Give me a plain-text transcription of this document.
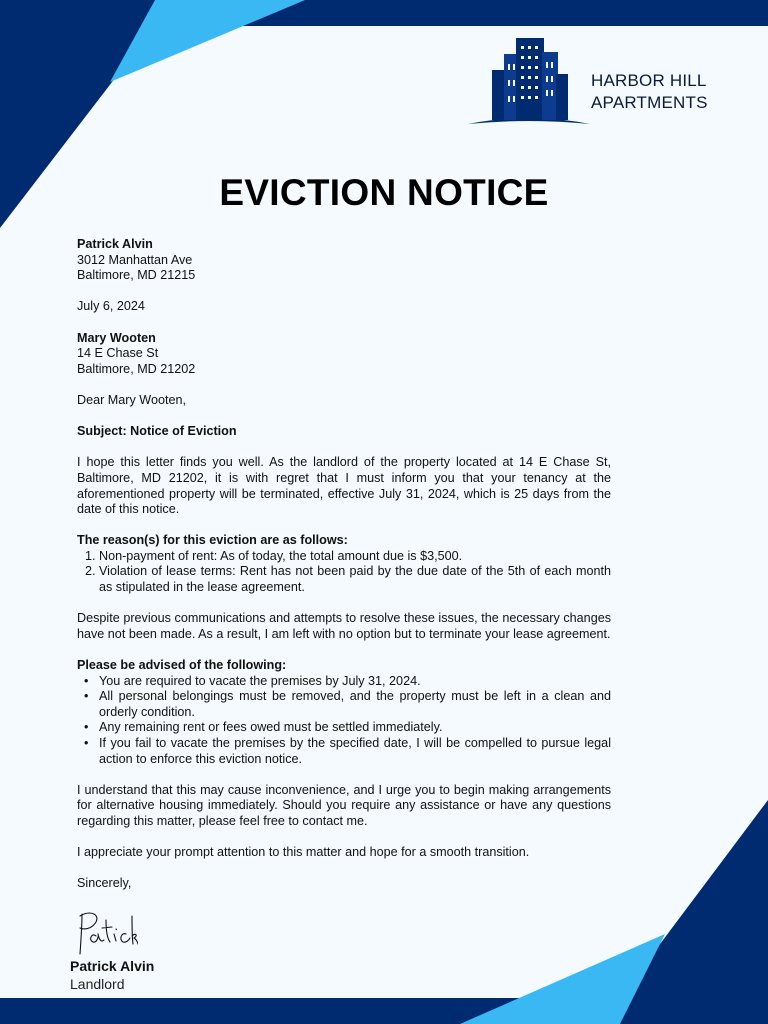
HARBOR HILL
APARTMENTS
EVICTION NOTICE

Patrick Alvin

3012 Manhattan Ave

Baltimore, MD 21215

July 6, 2024

Mary Wooten

14 E Chase St

Baltimore, MD 21202

Dear Mary Wooten,

Subject: Notice of Eviction

I hope this letter finds you well. As the landlord of the property located at 14 E Chase St, Baltimore, MD 21202, it is with regret that I must inform you that your tenancy at the aforementioned property will be terminated, effective July 31, 2024, which is 25 days from the date of this notice.

The reason(s) for this eviction are as follows:

1. Non-payment of rent: As of today, the total amount due is $3,500.
2. Violation of lease terms: Rent has not been paid by the due date of the 5th of each month as stipulated in the lease agreement.

Despite previous communications and attempts to resolve these issues, the necessary changes have not been made. As a result, I am left with no option but to terminate your lease agreement.

Please be advised of the following:

• You are required to vacate the premises by July 31, 2024.
• All personal belongings must be removed, and the property must be left in a clean and orderly condition.
• Any remaining rent or fees owed must be settled immediately.
• If you fail to vacate the premises by the specified date, I will be compelled to pursue legal action to enforce this eviction notice.

I understand that this may cause inconvenience, and I urge you to begin making arrangements for alternative housing immediately. Should you require any assistance or have any questions regarding this matter, please feel free to contact me.

I appreciate your prompt attention to this matter and hope for a smooth transition.

Sincerely,

Patrick Alvin
Landlord
